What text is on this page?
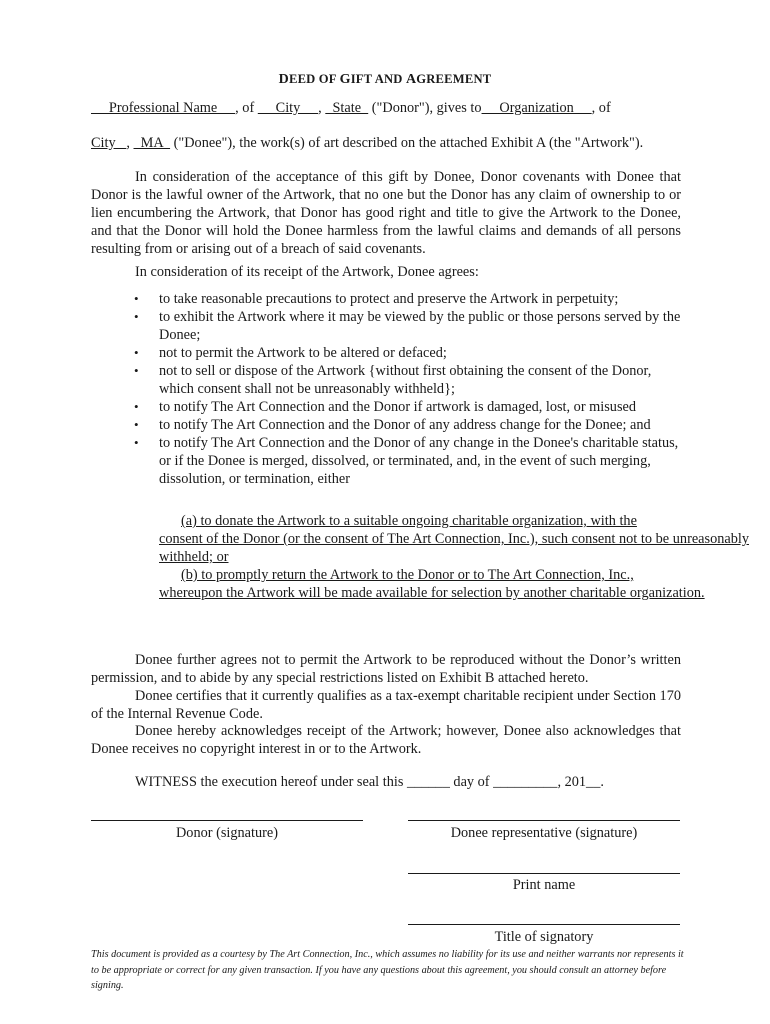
DEED OF GIFT AND AGREEMENT
Professional Name     , of      City     ,   State   ("Donor"), gives to     Organization     , of
City   ,   MA   ("Donee"), the work(s) of art described on the attached Exhibit A (the "Artwork").
In consideration of the acceptance of this gift by Donee, Donor covenants with Donee that Donor is the lawful owner of the Artwork, that no one but the Donor has any claim of ownership to or lien encumbering the Artwork, that Donor has good right and title to give the Artwork to the Donee, and that the Donor will hold the Donee harmless from the lawful claims and demands of all persons resulting from or arising out of a breach of said covenants.
In consideration of its receipt of the Artwork, Donee agrees:
• to take reasonable precautions to protect and preserve the Artwork in perpetuity;
• to exhibit the Artwork where it may be viewed by the public or those persons served by the Donee;
• not to permit the Artwork to be altered or defaced;
• not to sell or dispose of the Artwork {without first obtaining the consent of the Donor, which consent shall not be unreasonably withheld};
• to notify The Art Connection and the Donor if artwork is damaged, lost, or misused
• to notify The Art Connection and the Donor of any address change for the Donee; and
• to notify The Art Connection and the Donor of any change in the Donee's charitable status, or if the Donee is merged, dissolved, or terminated, and, in the event of such merging, dissolution, or termination, either
(a) to donate the Artwork to a suitable ongoing charitable organization, with the
consent of the Donor (or the consent of The Art Connection, Inc.), such consent not to be unreasonably withheld; or
(b) to promptly return the Artwork to the Donor or to The Art Connection, Inc.,
whereupon the Artwork will be made available for selection by another charitable organization.
Donee further agrees not to permit the Artwork to be reproduced without the Donor’s written permission, and to abide by any special restrictions listed on Exhibit B attached hereto.
Donee certifies that it currently qualifies as a tax-exempt charitable recipient under Section 170 of the Internal Revenue Code.
Donee hereby acknowledges receipt of the Artwork; however, Donee also acknowledges that Donee receives no copyright interest in or to the Artwork.
WITNESS the execution hereof under seal this ______ day of _________, 201__.
Donor (signature)	Donee representative (signature)
Print name
Title of signatory
This document is provided as a courtesy by The Art Connection, Inc., which assumes no liability for its use and neither warrants nor represents it to be appropriate or correct for any given transaction. If you have any questions about this agreement, you should consult an attorney before signing.
